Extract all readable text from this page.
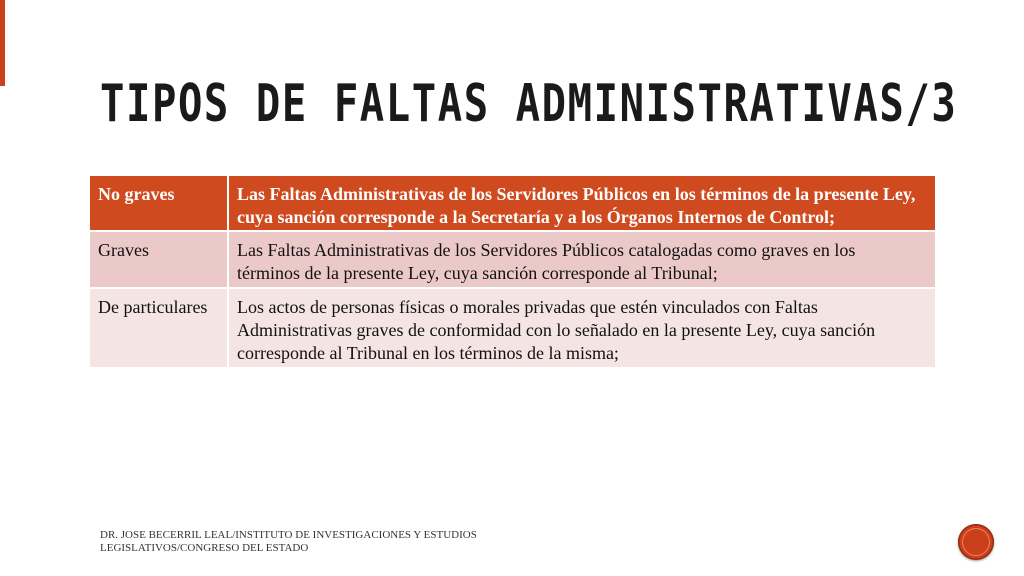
TIPOS DE FALTAS ADMINISTRATIVAS/3
No graves	Las Faltas Administrativas de los Servidores Públicos en los términos de la presente Ley, cuya sanción corresponde a la Secretaría y a los Órganos Internos de Control;

Graves	Las Faltas Administrativas de los Servidores Públicos catalogadas como graves en los
términos de la presente Ley, cuya sanción corresponde al Tribunal;

De particulares	Los actos de personas físicas o morales privadas que estén vinculados con Faltas Administrativas graves de conformidad con lo señalado en la presente Ley, cuya sanción corresponde al Tribunal en los términos de la misma;
DR. JOSE BECERRIL LEAL/INSTITUTO DE INVESTIGACIONES Y ESTUDIOS LEGISLATIVOS/CONGRESO DEL ESTADO
